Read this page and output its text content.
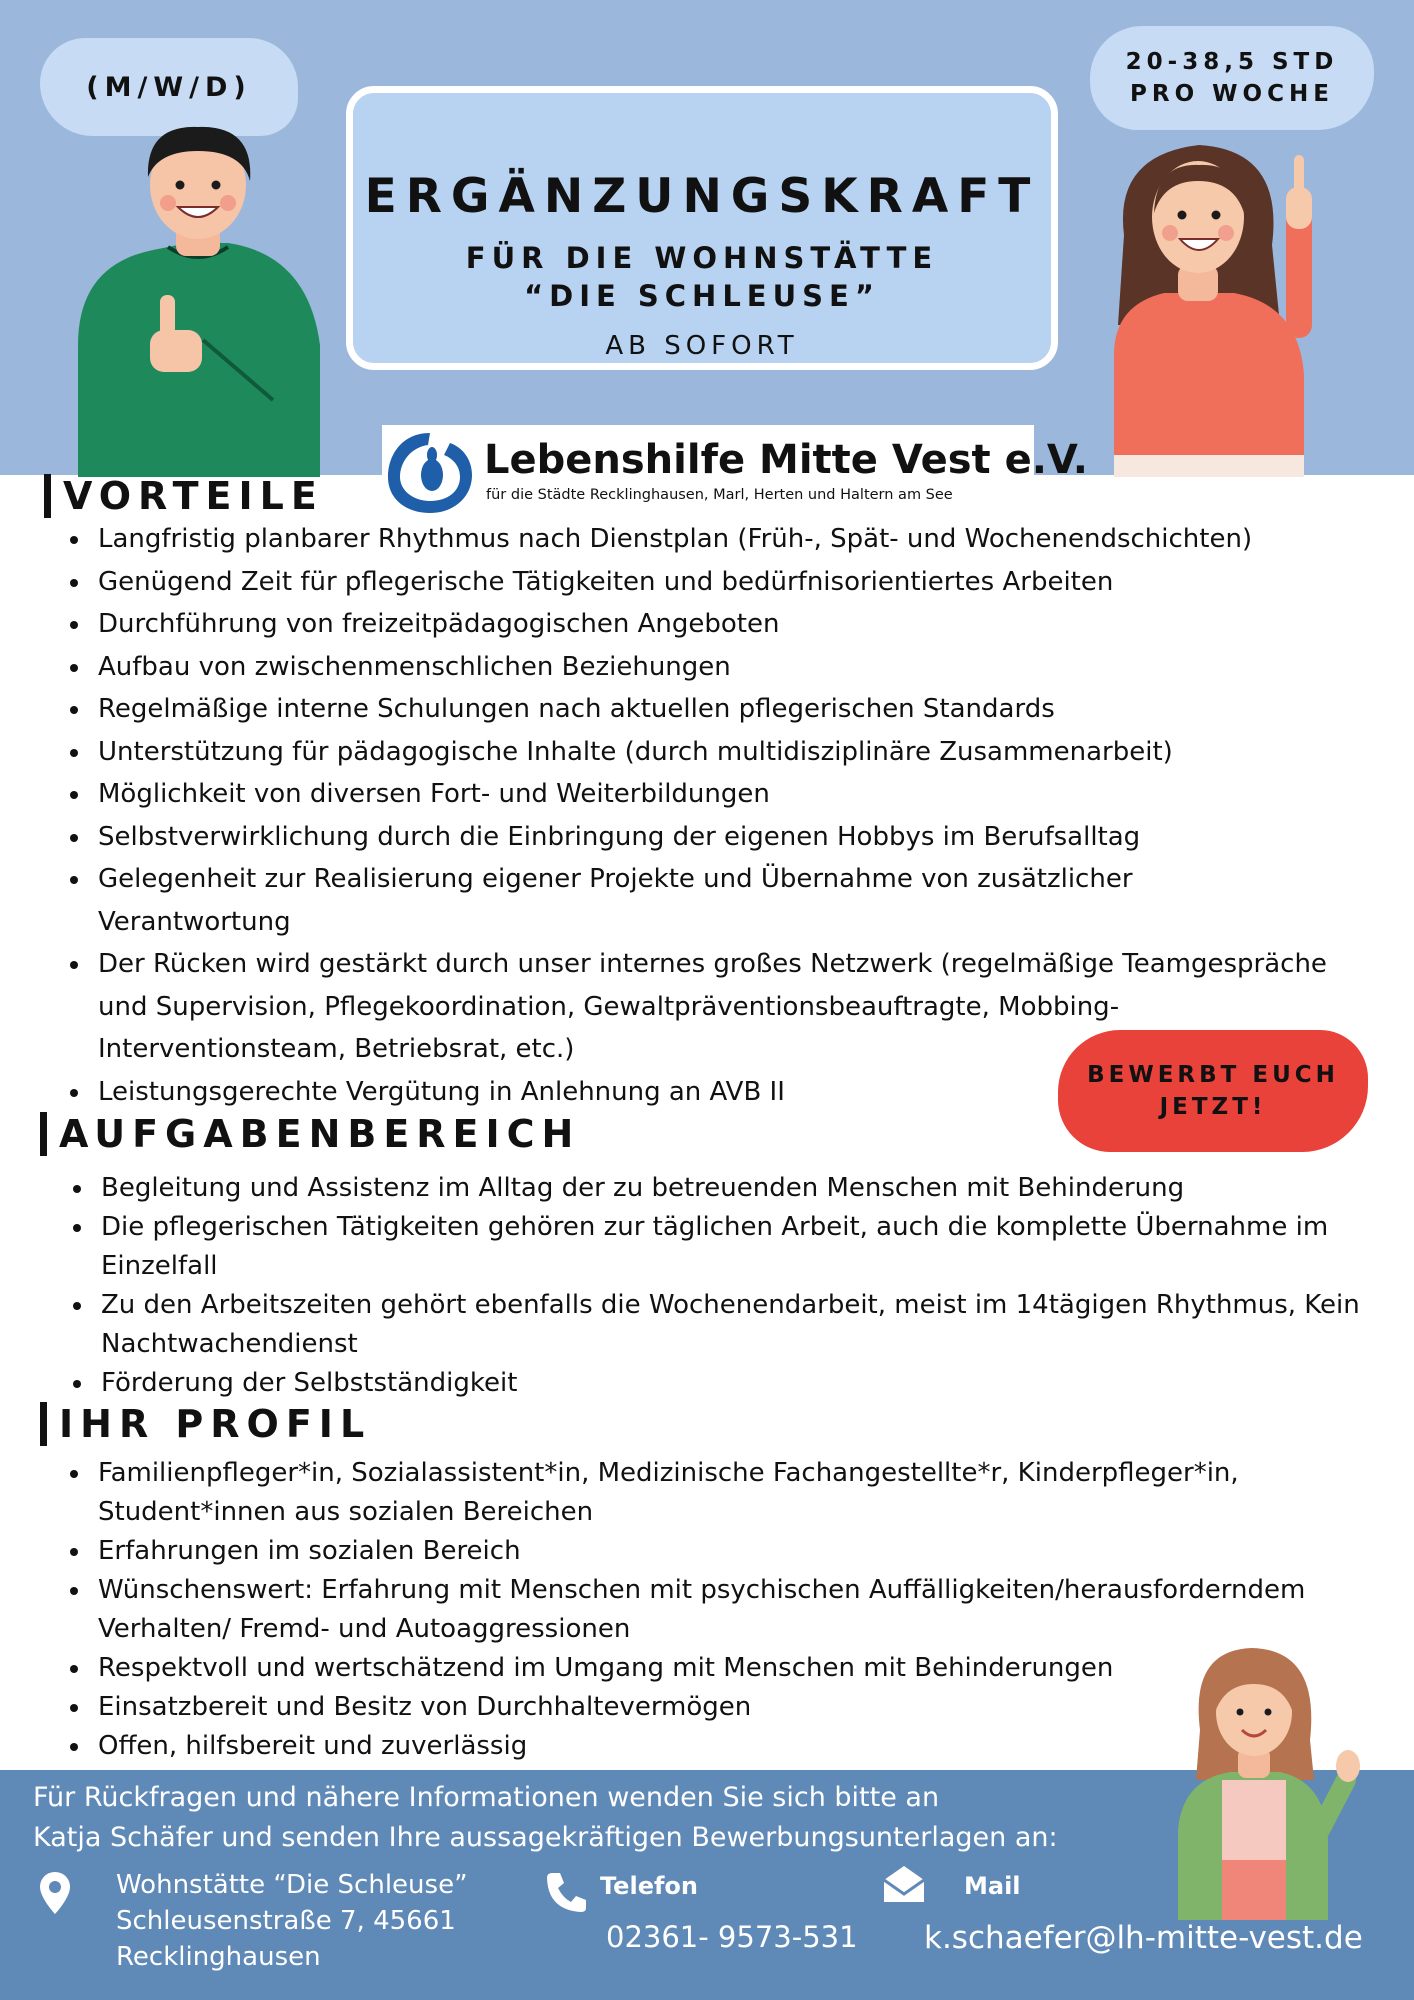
(M/W/D)
20-38,5 STD
PRO WOCHE
ERGÄNZUNGSKRAFT
FÜR DIE WOHNSTÄTTE
“DIE SCHLEUSE”
AB SOFORT
Lebenshilfe Mitte Vest e.V.
für die Städte Recklinghausen, Marl, Herten und Haltern am See
VORTEILE
• Langfristig planbarer Rhythmus nach Dienstplan (Früh-, Spät- und Wochenendschichten)
• Genügend Zeit für pflegerische Tätigkeiten und bedürfnisorientiertes Arbeiten
• Durchführung von freizeitpädagogischen Angeboten
• Aufbau von zwischenmenschlichen Beziehungen
• Regelmäßige interne Schulungen nach aktuellen pflegerischen Standards
• Unterstützung für pädagogische Inhalte (durch multidisziplinäre Zusammenarbeit)
• Möglichkeit von diversen Fort- und Weiterbildungen
• Selbstverwirklichung durch die Einbringung der eigenen Hobbys im Berufsalltag
• Gelegenheit zur Realisierung eigener Projekte und Übernahme von zusätzlicher Verantwortung
• Der Rücken wird gestärkt durch unser internes großes Netzwerk (regelmäßige Teamgespräche und Supervision, Pflegekoordination, Gewaltpräventionsbeauftragte, Mobbing-Interventionsteam, Betriebsrat, etc.)
• Leistungsgerechte Vergütung in Anlehnung an AVB II
BEWERBT EUCH
JETZT!
AUFGABENBEREICH
• Begleitung und Assistenz im Alltag der zu betreuenden Menschen mit Behinderung
• Die pflegerischen Tätigkeiten gehören zur täglichen Arbeit, auch die komplette Übernahme im Einzelfall
• Zu den Arbeitszeiten gehört ebenfalls die Wochenendarbeit, meist im 14tägigen Rhythmus, Kein Nachtwachendienst
• Förderung der Selbstständigkeit
IHR PROFIL
• Familienpfleger*in, Sozialassistent*in, Medizinische Fachangestellte*r, Kinderpfleger*in, Student*innen aus sozialen Bereichen
• Erfahrungen im sozialen Bereich
• Wünschenswert: Erfahrung mit Menschen mit psychischen Auffälligkeiten/herausforderndem Verhalten/ Fremd- und Autoaggressionen
• Respektvoll und wertschätzend im Umgang mit Menschen mit Behinderungen
• Einsatzbereit und Besitz von Durchhaltevermögen
• Offen, hilfsbereit und zuverlässig
Für Rückfragen und nähere Informationen wenden Sie sich bitte an
Katja Schäfer und senden Ihre aussagekräftigen Bewerbungsunterlagen an:
Wohnstätte “Die Schleuse”
Schleusenstraße 7, 45661
Recklinghausen
Telefon
02361- 9573-531
Mail
k.schaefer@lh-mitte-vest.de
